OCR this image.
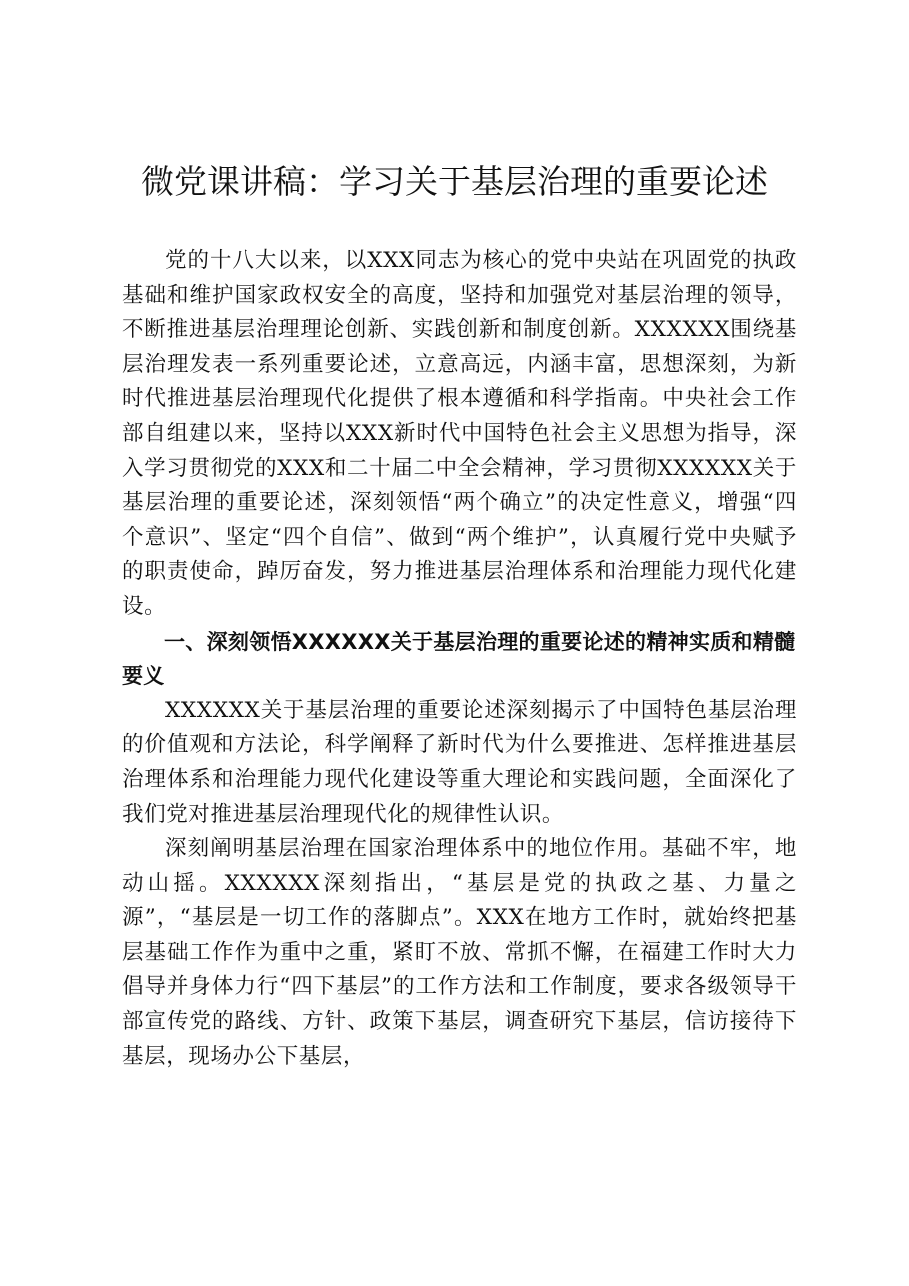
微党课讲稿：学习关于基层治理的重要论述

党的十八大以来，以XXX同志为核心的党中央站在巩固党的执政基础和维护国家政权安全的高度，坚持和加强党对基层治理的领导，不断推进基层治理理论创新、实践创新和制度创新。XXXXXX围绕基层治理发表一系列重要论述，立意高远，内涵丰富，思想深刻，为新时代推进基层治理现代化提供了根本遵循和科学指南。中央社会工作部自组建以来，坚持以XXX新时代中国特色社会主义思想为指导，深入学习贯彻党的XXX和二十届二中全会精神，学习贯彻XXXXXX关于基层治理的重要论述，深刻领悟“两个确立”的决定性意义，增强“四个意识”、坚定“四个自信”、做到“两个维护”，认真履行党中央赋予的职责使命，踔厉奋发，努力推进基层治理体系和治理能力现代化建设。

一、深刻领悟XXXXXX关于基层治理的重要论述的精神实质和精髓要义

XXXXXX关于基层治理的重要论述深刻揭示了中国特色基层治理的价值观和方法论，科学阐释了新时代为什么要推进、怎样推进基层治理体系和治理能力现代化建设等重大理论和实践问题，全面深化了我们党对推进基层治理现代化的规律性认识。

深刻阐明基层治理在国家治理体系中的地位作用。基础不牢，地动山摇。XXXXXX深刻指出，“基层是党的执政之基、力量之源”，“基层是一切工作的落脚点”。XXX在地方工作时，就始终把基层基础工作作为重中之重，紧盯不放、常抓不懈，在福建工作时大力倡导并身体力行“四下基层”的工作方法和工作制度，要求各级领导干部宣传党的路线、方针、政策下基层，调查研究下基层，信访接待下基层，现场办公下基层，
